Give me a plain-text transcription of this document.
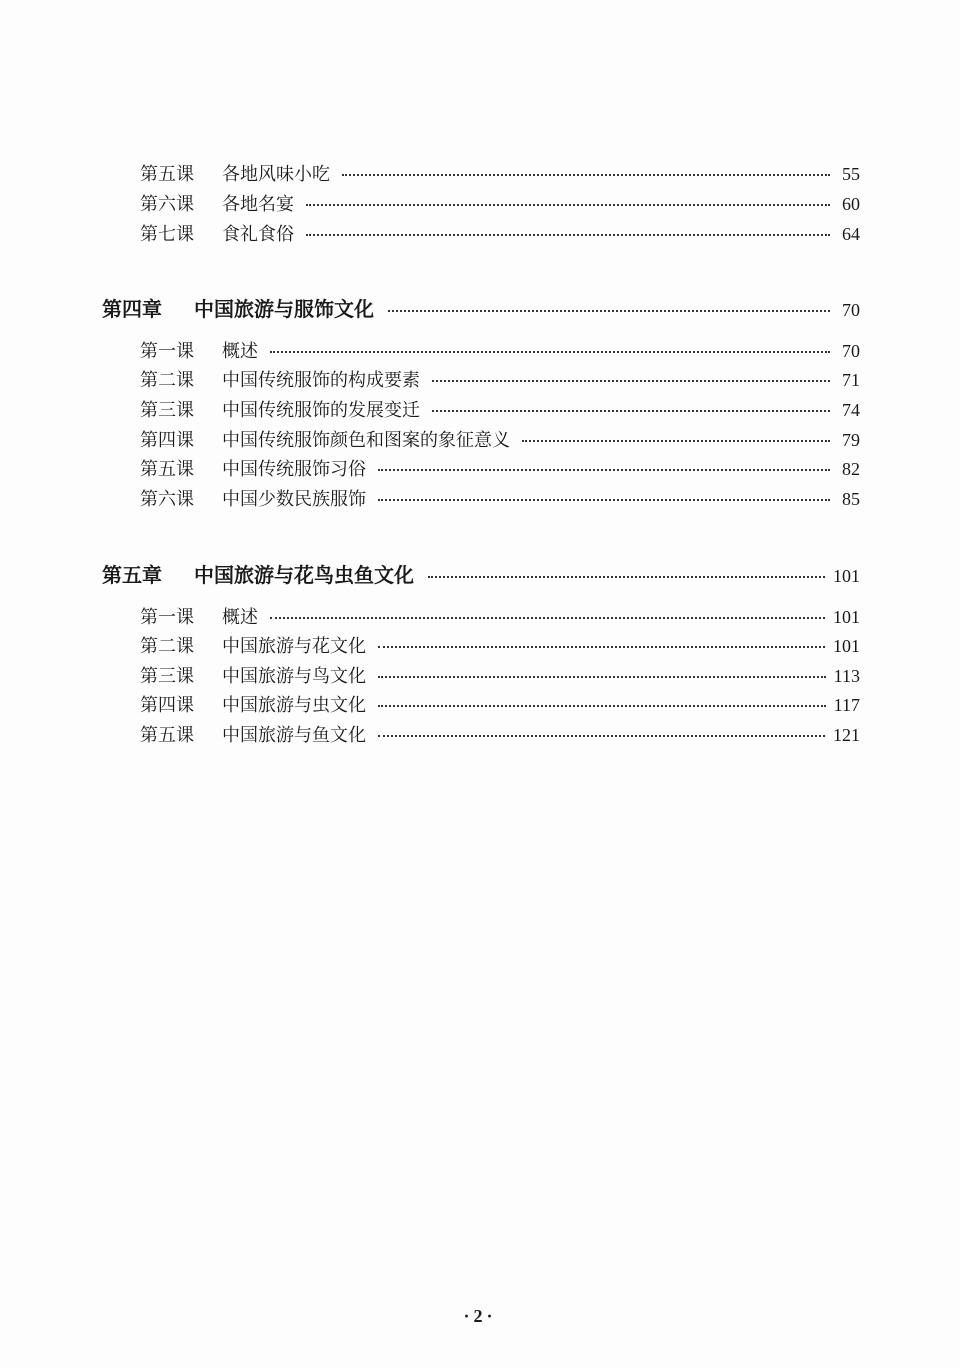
第五课	各地风味小吃	55
第六课	各地名宴	60
第七课	食礼食俗	64
第四章	中国旅游与服饰文化	70
第一课	概述	70
第二课	中国传统服饰的构成要素	71
第三课	中国传统服饰的发展变迁	74
第四课	中国传统服饰颜色和图案的象征意义	79
第五课	中国传统服饰习俗	82
第六课	中国少数民族服饰	85
第五章	中国旅游与花鸟虫鱼文化	101
第一课	概述	101
第二课	中国旅游与花文化	101
第三课	中国旅游与鸟文化	113
第四课	中国旅游与虫文化	117
第五课	中国旅游与鱼文化	121
·2·
